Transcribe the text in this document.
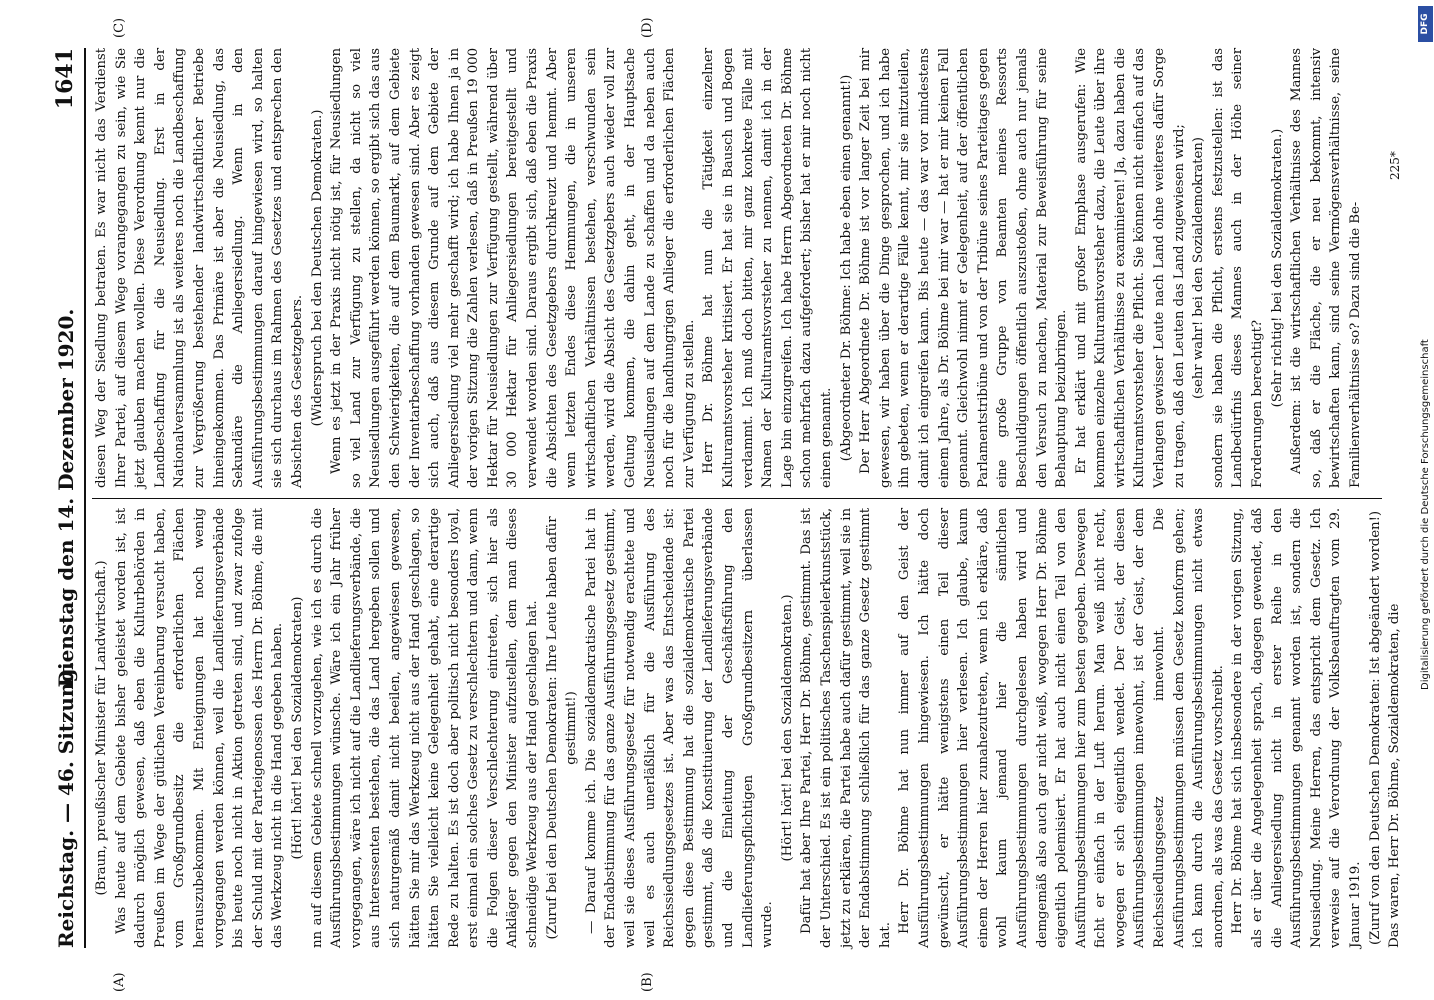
Reichstag. — 46. Sitzung.
Dienstag den 14. Dezember 1920.
1641
(A)	(B)
(C)	(D)

(Braun, preußischer Minister für Landwirtschaft.) Was heute auf dem Gebiete bisher geleistet worden ist, ist dadurch möglich gewesen, daß eben die Kulturbehörden in Preußen im Wege der gütlichen Vereinbarung versucht haben, vom Großgrundbesitz die erforderlichen Flächen herauszubekommen. Mit Enteignungen hat noch wenig vorgegangen werden können, weil die Landlieferungsverbände bis heute noch nicht in Aktion getreten sind, und zwar zufolge der Schuld mit der Parteigenossen des Herrn Dr. Böhme, die mit das Werkzeug nicht in die Hand gegeben haben. (Hört! hört! bei den Sozialdemokraten) nn auf diesem Gebiete schnell vorzugehen, wie ich es durch die Ausführungsbestimmungen wünsche. Wäre ich ein Jahr früher vorgegangen, wäre ich nicht auf die Landlieferungsverbände, die aus Interessenten bestehen, die das Land hergeben sollen und sich naturgemäß damit nicht beeilen, angewiesen gewesen, hätten Sie mir das Werkzeug nicht aus der Hand geschlagen, so hätten Sie vielleicht keine Gelegenheit gehabt, eine derartige Rede zu halten. Es ist doch aber politisch nicht besonders loyal, erst einmal ein solches Gesetz zu verschlechtern und dann, wenn die Folgen dieser Verschlechterung eintreten, sich hier als Ankläger gegen den Minister aufzustellen, dem man dieses schneidige Werkzeug aus der Hand geschlagen hat. (Zuruf bei den Deutschen Demokraten: Ihre Leute haben dafür gestimmt!) — Darauf komme ich. Die sozialdemokratische Partei hat in der Endabstimmung für das ganze Ausführungsgesetz gestimmt, weil sie dieses Ausführungsgesetz für notwendig erachtete und weil es auch unerläßlich für die Ausführung des Reichssiedlungsgesetzes ist. Aber was das Entscheidende ist: gegen diese Bestimmung hat die sozialdemokratische Partei gestimmt, daß die Konstituierung der Landlieferungsverbände und die Einleitung der Geschäftsführung den Landlieferungspflichtigen Großgrundbesitzern überlassen wurde.

(Hört! hört! bei den Sozialdemokraten.) Dafür hat aber Ihre Partei, Herr Dr. Böhme, gestimmt. Das ist der Unterschied. Es ist ein politisches Taschenspielerkunststück, jetzt zu erklären, die Partei habe auch dafür gestimmt, weil sie in der Endabstimmung schließlich für das ganze Gesetz gestimmt hat.

Herr Dr. Böhme hat nun immer auf den Geist der Ausführungsbestimmungen hingewiesen. Ich hätte doch gewünscht, er hätte wenigstens einen Teil dieser Ausführungsbestimmungen hier verlesen. Ich glaube, kaum einem der Herren hier zunahezutreten, wenn ich erkläre, daß wohl kaum jemand hier die sämtlichen Ausführungsbestimmungen durchgelesen haben wird und demgemäß also auch gar nicht weiß, wogegen Herr Dr. Böhme eigentlich polemisiert. Er hat auch nicht einen Teil von den Ausführungsbestimmungen hier zum besten gegeben. Deswegen ficht er einfach in der Luft herum. Man weiß nicht recht, wogegen er sich eigentlich wendet. Der Geist, der diesen Ausführungsbestimmungen innewohnt, ist der Geist, der dem Reichssiedlungsgesetz innewohnt. Die Ausführungsbestimmungen müssen dem Gesetz konform gehen; ich kann durch die Ausführungsbestimmungen nicht etwas anordnen, als was das Gesetz vorschreibt. Herr Dr. Böhme hat sich insbesondere in der vorigen Sitzung, als er über die Angelegenheit sprach, dagegen gewendet, daß die Anliegersiedlung nicht in erster Reihe in den Ausführungsbestimmungen genannt worden ist, sondern die Neusiedlung. Meine Herren, das entspricht dem Gesetz. Ich verweise auf die Verordnung der Volksbeauftragten vom 29. Januar 1919. (Zuruf von den Deutschen Demokraten: Ist abgeändert worden!) Das waren, Herr Dr. Böhme, Sozialdemokraten, die

diesen Weg der Siedlung betraten. Es war nicht das Verdienst Ihrer Partei, auf diesem Wege vorangegangen zu sein, wie Sie jetzt glauben machen wollen. Diese Verordnung kennt nur die Landbeschaffung für die Neusiedlung. Erst in der Nationalversammlung ist als weiteres noch die Landbeschaffung zur Vergrößerung bestehender landwirtschaftlicher Betriebe hineingekommen. Das Primäre ist aber die Neusiedlung, das Sekundäre die Anliegersiedlung. Wenn in den Ausführungsbestimmungen darauf hingewiesen wird, so halten sie sich durchaus im Rahmen des Gesetzes und entsprechen den Absichten des Gesetzgebers. (Widerspruch bei den Deutschen Demokraten.) Wenn es jetzt in der Praxis nicht nötig ist, für Neusiedlungen so viel Land zur Verfügung zu stellen, da nicht so viel Neusiedlungen ausgeführt werden können, so ergibt sich das aus den Schwierigkeiten, die auf dem Baumarkt, auf dem Gebiete der Inventarbeschaffung vorhanden gewesen sind. Aber es zeigt sich auch, daß aus diesem Grunde auf dem Gebiete der Anliegersiedlung viel mehr geschafft wird; ich habe Ihnen ja in der vorigen Sitzung die Zahlen verlesen, daß in Preußen 19 000 Hektar für Neusiedlungen zur Verfügung gestellt, während über 30 000 Hektar für Anliegersiedlungen bereitgestellt und verwendet worden sind. Daraus ergibt sich, daß eben die Praxis die Absichten des Gesetzgebers durchkreuzt und hemmt. Aber wenn letzten Endes diese Hemmungen, die in unseren wirtschaftlichen Verhältnissen bestehen, verschwunden sein werden, wird die Absicht des Gesetzgebers auch wieder voll zur Geltung kommen, die dahin geht, in der Hauptsache Neusiedlungen auf dem Lande zu schaffen und da neben auch noch für die landhungrigen Anlieger die erforderlichen Flächen zur Verfügung zu stellen. Herr Dr. Böhme hat nun die Tätigkeit einzelner Kulturamtsvorsteher kritisiert. Er hat sie in Bausch und Bogen verdammt. Ich muß doch bitten, mir ganz konkrete Fälle mit Namen der Kulturamtsvorsteher zu nennen, damit ich in der Lage bin einzugreifen. Ich habe Herrn Abgeordneten Dr. Böhme schon mehrfach dazu aufgefordert; bisher hat er mir noch nicht einen genannt. (Abgeordneter Dr. Böhme: Ich habe eben einen genannt!) Der Herr Abgeordnete Dr. Böhme ist vor langer Zeit bei mir gewesen, wir haben über die Dinge gesprochen, und ich habe ihn gebeten, wenn er derartige Fälle kennt, mir sie mitzuteilen, damit ich eingreifen kann. Bis heute — das war vor mindestens einem Jahre, als Dr. Böhme bei mir war — hat er mir keinen Fall genannt. Gleichwohl nimmt er Gelegenheit, auf der öffentlichen Parlamentstribüne und von der Tribüne seines Parteitages gegen eine große Gruppe von Beamten meines Ressorts Beschuldigungen öffentlich auszustoßen, ohne auch nur jemals den Versuch zu machen, Material zur Beweisführung für seine Behauptung beizubringen. Er hat erklärt und mit großer Emphase ausgerufen: Wie kommen einzelne Kulturamtsvorsteher dazu, die Leute über ihre wirtschaftlichen Verhältnisse zu examinieren! Ja, dazu haben die Kulturamtsvorsteher die Pflicht. Sie können nicht einfach auf das Verlangen gewisser Leute nach Land ohne weiteres dafür Sorge zu tragen, daß den Leuten das Land zugewiesen wird; (sehr wahr! bei den Sozialdemokraten) sondern sie haben die Pflicht, erstens festzustellen: ist das Landbedürfnis dieses Mannes auch in der Höhe seiner Forderungen berechtigt? (Sehr richtig! bei den Sozialdemokraten.) Außerdem: ist die wirtschaftlichen Verhältnisse des Mannes so, daß er die Fläche, die er neu bekommt, intensiv bewirtschaften kann, sind seine Vermögensverhältnisse, seine Familienverhältnisse so? Dazu sind die Be-

225*
Digitalisierung gefördert durch die Deutsche Forschungsgemeinschaft
DFG
